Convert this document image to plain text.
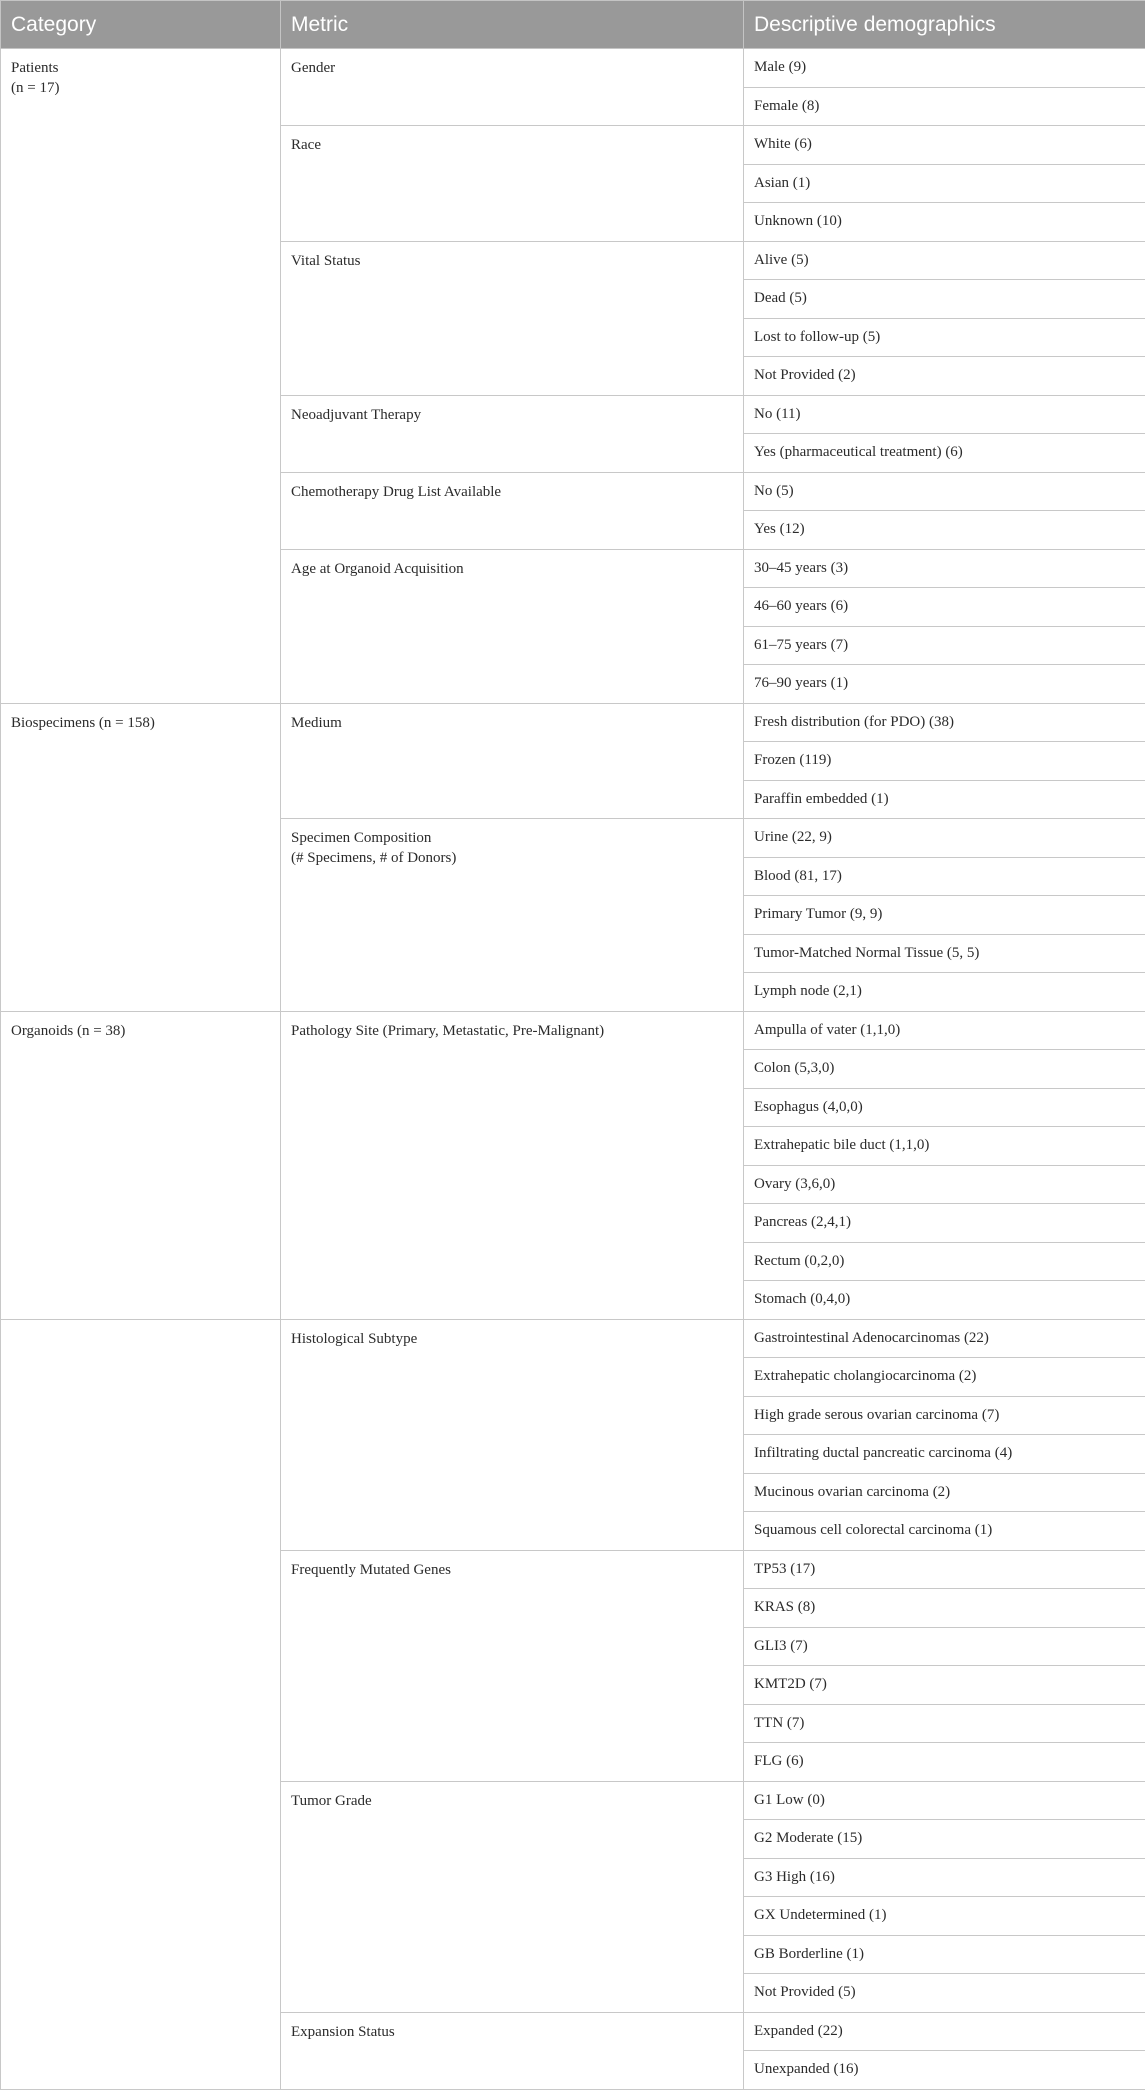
Category	Metric	Descriptive demographics
Patients
(n = 17)	Gender	Male (9)
		Female (8)
	Race	White (6)
		Asian (1)
		Unknown (10)
	Vital Status	Alive (5)
		Dead (5)
		Lost to follow-up (5)
		Not Provided (2)
	Neoadjuvant Therapy	No (11)
		Yes (pharmaceutical treatment) (6)
	Chemotherapy Drug List Available	No (5)
		Yes (12)
	Age at Organoid Acquisition	30–45 years (3)
		46–60 years (6)
		61–75 years (7)
		76–90 years (1)
Biospecimens (n = 158)	Medium	Fresh distribution (for PDO) (38)
		Frozen (119)
		Paraffin embedded (1)
	Specimen Composition
(# Specimens, # of Donors)	Urine (22, 9)
		Blood (81, 17)
		Primary Tumor (9, 9)
		Tumor-Matched Normal Tissue (5, 5)
		Lymph node (2,1)
Organoids (n = 38)	Pathology Site (Primary, Metastatic, Pre-Malignant)	Ampulla of vater (1,1,0)
		Colon (5,3,0)
		Esophagus (4,0,0)
		Extrahepatic bile duct (1,1,0)
		Ovary (3,6,0)
		Pancreas (2,4,1)
		Rectum (0,2,0)
		Stomach (0,4,0)
	Histological Subtype	Gastrointestinal Adenocarcinomas (22)
		Extrahepatic cholangiocarcinoma (2)
		High grade serous ovarian carcinoma (7)
		Infiltrating ductal pancreatic carcinoma (4)
		Mucinous ovarian carcinoma (2)
		Squamous cell colorectal carcinoma (1)
	Frequently Mutated Genes	TP53 (17)
		KRAS (8)
		GLI3 (7)
		KMT2D (7)
		TTN (7)
		FLG (6)
	Tumor Grade	G1 Low (0)
		G2 Moderate (15)
		G3 High (16)
		GX Undetermined (1)
		GB Borderline (1)
		Not Provided (5)
	Expansion Status	Expanded (22)
		Unexpanded (16)
